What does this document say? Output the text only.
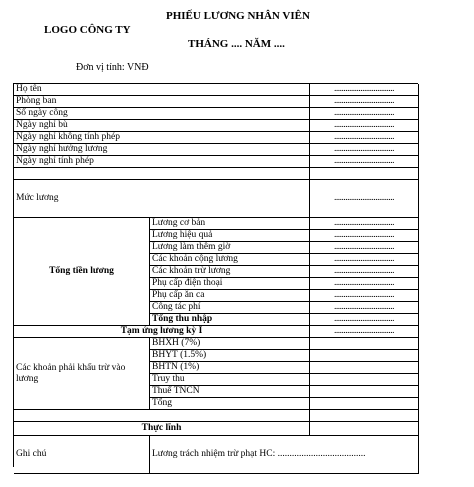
LOGO CÔNG TY
PHIẾU LƯƠNG NHÂN VIÊN
THÁNG .... NĂM ....
Đơn vị tính: VNĐ
Họ tên	................................
Phòng ban	................................
Số ngày công	................................
Ngày nghỉ bù	................................
Ngày nghỉ không tính phép	................................
Ngày nghỉ hưởng lương	................................
Ngày nghỉ tính phép	................................
Mức lương	................................
Tổng tiền lương
Lương cơ bản	................................
Lương hiệu quả	................................
Lương làm thêm giờ	................................
Các khoản cộng lương	................................
Các khoản trừ lương	................................
Phụ cấp điện thoại	................................
Phụ cấp ăn ca	................................
Công tác phí	................................
Tổng thu nhập	................................
Tạm ứng lương kỳ I	................................
Các khoản phải khấu trừ vào lương
BHXH (7%)
BHYT (1.5%)
BHTN (1%)
Truy thu
Thuế TNCN
Tổng
Thực lĩnh
Ghi chú	Lương trách nhiệm trừ phạt HC: .....................................
